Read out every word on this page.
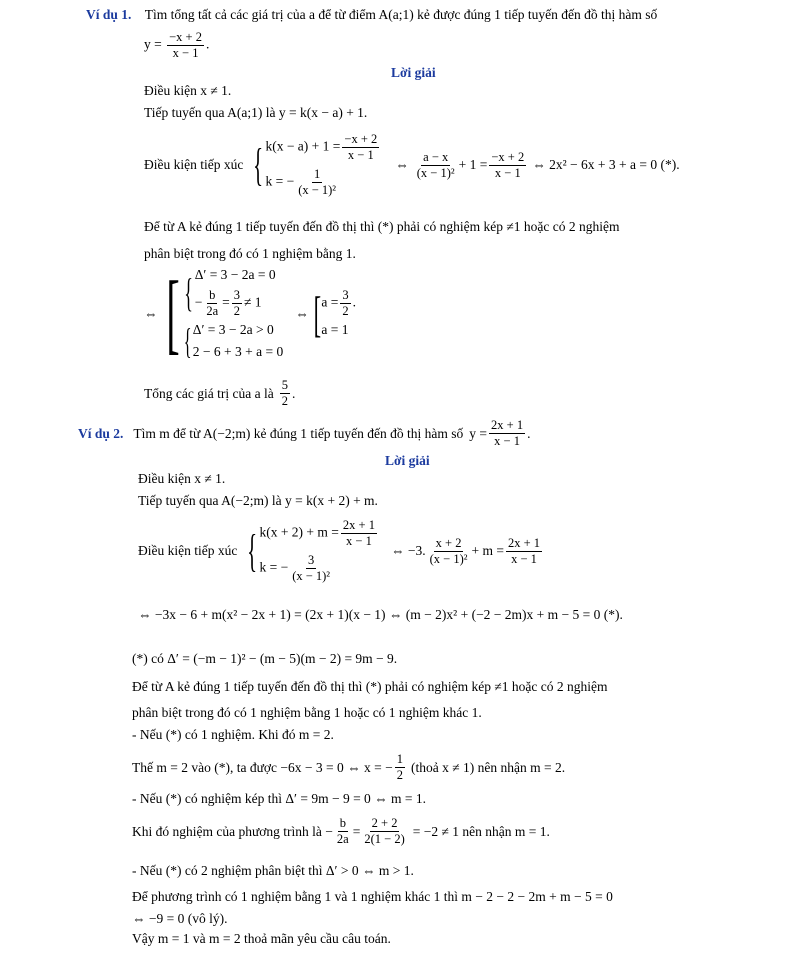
Ví dụ 1. Tìm tổng tất cả các giá trị của a để từ điểm A(a;1) kẻ được đúng 1 tiếp tuyến đến đồ thị hàm số
$y = \frac{-x + 2}{x - 1}$ .
Lời giải
Điều kiện x ≠ 1.
Tiếp tuyến qua A(a;1) là y = k(x − a) + 1.
Điều kiện tiếp xúc { $k(x - a) + 1 = \frac{-x + 2}{x - 1}$
k = − $\frac{1}{\text{(x − 1)²}}$
⇔ $\frac{a - x}{\text{(x − 1)²}} + 1 = \frac{-x + 2}{x - 1}$ ⇔ 2x² − 6x + 3 + a = 0 (*).
Để từ A kẻ đúng 1 tiếp tuyến đến đồ thị thì (*) phải có nghiệm kép ≠1 hoặc có 2 nghiệm
phân biệt trong đó có 1 nghiệm bằng 1.
⇔ [ { Δ′ = 3 − 2a = 0
− $\frac{b}{2a} = \frac{3}{2} \ne 1$
{ Δ′ = 3 − 2a > 0
2 − 6 + 3 + a = 0
⇔ [ $a = \frac{3}{2}$ .
a = 1
Tổng các giá trị của a là $\frac{5}{2}$ .
Ví dụ 2. Tìm m để từ A(−2;m) kẻ đúng 1 tiếp tuyến đến đồ thị hàm số $y = \frac{2x + 1}{x - 1}$ .
Lời giải
Điều kiện x ≠ 1.
Tiếp tuyến qua A(−2;m) là y = k(x + 2) + m.
Điều kiện tiếp xúc { $k(x + 2) + m = \frac{2x + 1}{x - 1}$
k = − $\frac{3}{\text{(x − 1)²}}$
⇔ −3. $\frac{x + 2}{\text{(x − 1)²}} + m = \frac{2x + 1}{x - 1}$
⇔ −3x − 6 + m(x² − 2x + 1) = (2x + 1)(x − 1) ⇔ (m − 2)x² + (−2 − 2m)x + m − 5 = 0 (*).
(*) có Δ′ = (−m − 1)² − (m − 5)(m − 2) = 9m − 9.
Để từ A kẻ đúng 1 tiếp tuyến đến đồ thị thì (*) phải có nghiệm kép ≠1 hoặc có 2 nghiệm
phân biệt trong đó có 1 nghiệm bằng 1 hoặc có 1 nghiệm khác 1.
- Nếu (*) có 1 nghiệm. Khi đó m = 2.
Thế m = 2 vào (*), ta được −6x − 3 = 0 ⇔ x = − $\frac{1}{2}$ (thoả x ≠ 1) nên nhận m = 2.
- Nếu (*) có nghiệm kép thì Δ′ = 9m − 9 = 0 ⇔ m = 1.
Khi đó nghiệm của phương trình là − $\frac{b}{2a} = \frac{2 + 2}{2(1 - 2)} = -2 \ne 1$ nên nhận m = 1.
- Nếu (*) có 2 nghiệm phân biệt thì Δ′ > 0 ⇔ m > 1.
Để phương trình có 1 nghiệm bằng 1 và 1 nghiệm khác 1 thì m − 2 − 2 − 2m + m − 5 = 0
⇔ −9 = 0 (vô lý).
Vậy m = 1 và m = 2 thoả mãn yêu cầu câu toán.
